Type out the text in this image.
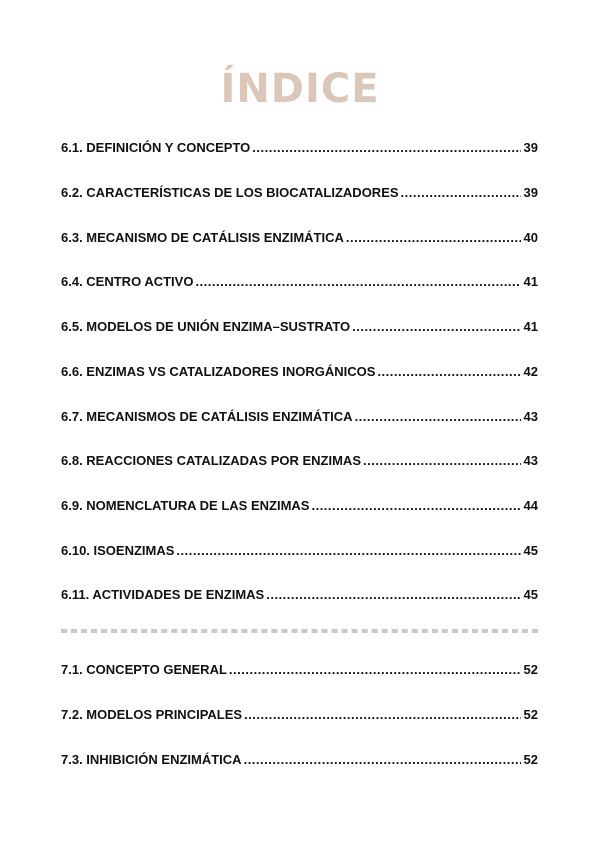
ÍNDICE
6.1. DEFINICIÓN Y CONCEPTO .....	39
6.2. CARACTERÍSTICAS DE LOS BIOCATALIZADORES .....	39
6.3. MECANISMO DE CATÁLISIS ENZIMÁTICA .....	40
6.4. CENTRO ACTIVO .....	41
6.5. MODELOS DE UNIÓN ENZIMA–SUSTRATO .....	41
6.6. ENZIMAS VS CATALIZADORES INORGÁNICOS .....	42
6.7. MECANISMOS DE CATÁLISIS ENZIMÁTICA .....	43
6.8. REACCIONES CATALIZADAS POR ENZIMAS .....	43
6.9. NOMENCLATURA DE LAS ENZIMAS .....	44
6.10. ISOENZIMAS .....	45
6.11. ACTIVIDADES DE ENZIMAS .....	45
7.1. CONCEPTO GENERAL .....	52
7.2. MODELOS PRINCIPALES .....	52
7.3. INHIBICIÓN ENZIMÁTICA .....	52
